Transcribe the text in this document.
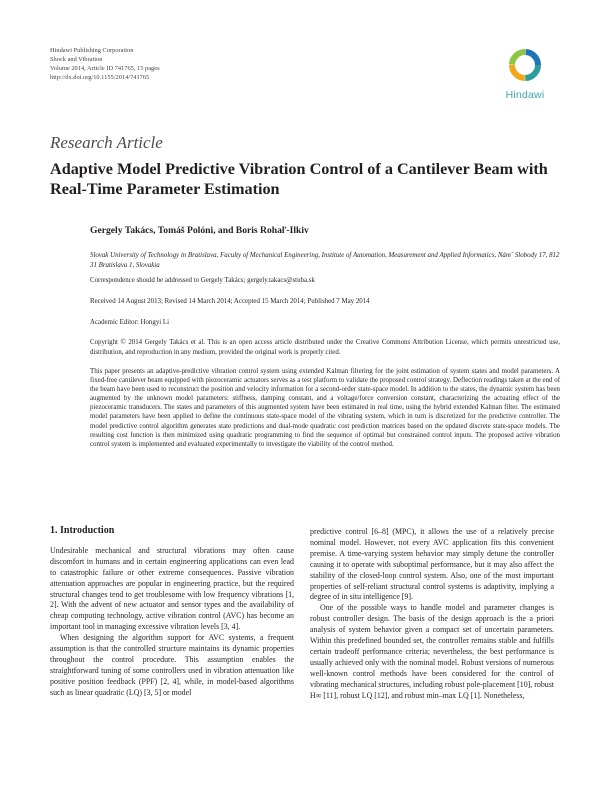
Hindawi Publishing Corporation
Shock and Vibration
Volume 2014, Article ID 741765, 15 pages
http://dx.doi.org/10.1155/2014/741765
Hindawi
Research Article
Adaptive Model Predictive Vibration Control of a Cantilever Beam with Real-Time Parameter Estimation
Gergely Takács, Tomáš Polóni, and Boris Rohaľ-Ilkiv
Slovak University of Technology in Bratislava, Faculty of Mechanical Engineering, Institute of Automation, Measurement and Applied Informatics, Námˇ Slobody 17, 812 31 Bratislava 1, Slovakia
Correspondence should be addressed to Gergely Takács; gergely.takacs@stuba.sk
Received 14 August 2013; Revised 14 March 2014; Accepted 15 March 2014; Published 7 May 2014
Academic Editor: Hongyi Li
Copyright © 2014 Gergely Takács et al. This is an open access article distributed under the Creative Commons Attribution License, which permits unrestricted use, distribution, and reproduction in any medium, provided the original work is properly cited.
This paper presents an adaptive-predictive vibration control system using extended Kalman filtering for the joint estimation of system states and model parameters. A fixed-free cantilever beam equipped with piezoceramic actuators serves as a test platform to validate the proposed control strategy. Deflection readings taken at the end of the beam have been used to reconstruct the position and velocity information for a second-order state-space model. In addition to the states, the dynamic system has been augmented by the unknown model parameters: stiffness, damping constant, and a voltage/force conversion constant, characterizing the actuating effect of the piezoceramic transducers. The states and parameters of this augmented system have been estimated in real time, using the hybrid extended Kalman filter. The estimated model parameters have been applied to define the continuous state-space model of the vibrating system, which in turn is discretized for the predictive controller. The model predictive control algorithm generates state predictions and dual-mode quadratic cost prediction matrices based on the updated discrete state-space models. The resulting cost function is then minimized using quadratic programming to find the sequence of optimal but constrained control inputs. The proposed active vibration control system is implemented and evaluated experimentally to investigate the viability of the control method.

1. Introduction

Undesirable mechanical and structural vibrations may often cause discomfort in humans and in certain engineering applications can even lead to catastrophic failure or other extreme consequences. Passive vibration attenuation approaches are popular in engineering practice, but the required structural changes tend to get troublesome with low frequency vibrations [1, 2]. With the advent of new actuator and sensor types and the availability of cheap computing technology, active vibration control (AVC) has become an important tool in managing excessive vibration levels [3, 4].

When designing the algorithm support for AVC systems, a frequent assumption is that the controlled structure maintains its dynamic properties throughout the control procedure. This assumption enables the straightforward tuning of some controllers used in vibration attenuation like positive position feedback (PPF) [2, 4], while, in model-based algorithms such as linear quadratic (LQ) [3, 5] or model

predictive control [6–8] (MPC), it allows the use of a relatively precise nominal model. However, not every AVC application fits this convenient premise. A time-varying system behavior may simply detune the controller causing it to operate with suboptimal performance, but it may also affect the stability of the closed-loop control system. Also, one of the most important properties of self-reliant structural control systems is adaptivity, implying a degree of in situ intelligence [9].

One of the possible ways to handle model and parameter changes is robust controller design. The basis of the design approach is the a priori analysis of system behavior given a compact set of uncertain parameters. Within this predefined bounded set, the controller remains stable and fulfills certain tradeoff performance criteria; nevertheless, the best performance is usually achieved only with the nominal model. Robust versions of numerous well-known control methods have been considered for the control of vibrating mechanical structures, including robust pole-placement [10], robust H∞ [11], robust LQ [12], and robust min–max LQ [1]. Nonetheless,
